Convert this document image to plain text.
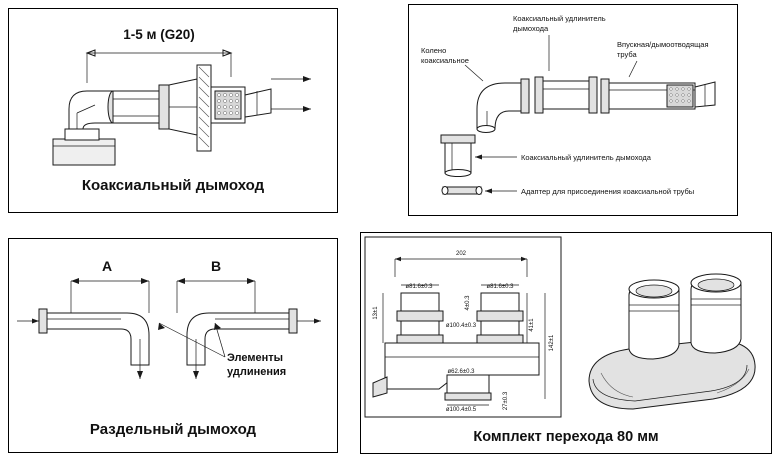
1-5 м (G20)
Коаксиальный дымоход
Колено
коаксиальное
Коаксиальный удлинитель
дымохода
Впускная/дымоотводящая
труба
Коаксиальный удлинитель дымохода
Адаптер для присоединения коаксиальной трубы
A	B
Элементы
удлинения
Раздельный дымоход
202
ø81.6±0.3	ø81.6±0.3
ø100.4±0.3
ø62.6±0.3
ø100.4±0.5
142±1
41±1
13±1
4±0.3
27±0.3
Комплект перехода 80 мм
